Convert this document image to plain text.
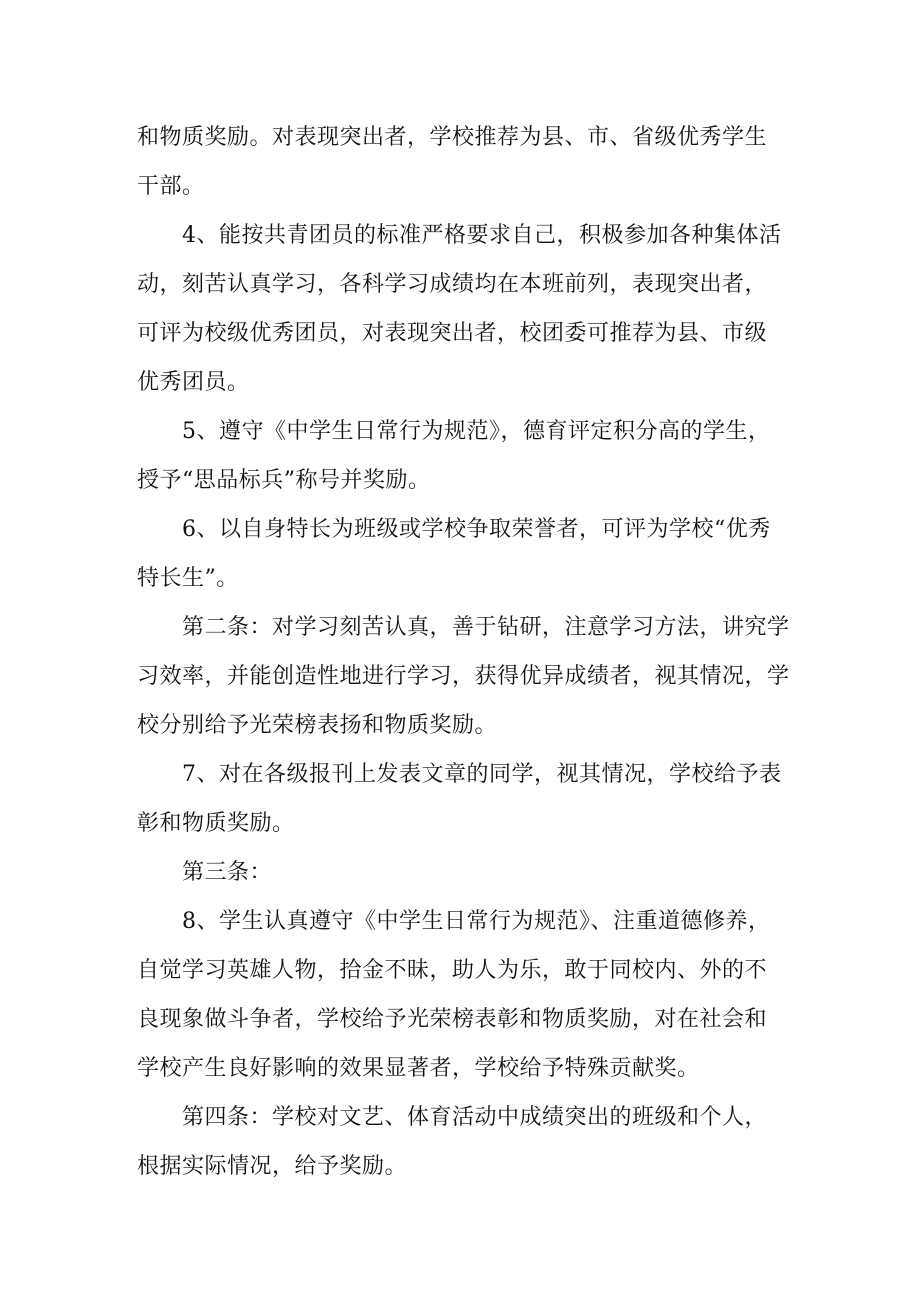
和物质奖励。对表现突出者，学校推荐为县、市、省级优秀学生
干部。
4、能按共青团员的标准严格要求自己，积极参加各种集体活
动，刻苦认真学习，各科学习成绩均在本班前列，表现突出者，
可评为校级优秀团员，对表现突出者，校团委可推荐为县、市级
优秀团员。
5、遵守《中学生日常行为规范》，德育评定积分高的学生，
授予“思品标兵”称号并奖励。
6、以自身特长为班级或学校争取荣誉者，可评为学校“优秀
特长生”。
第二条：对学习刻苦认真，善于钻研，注意学习方法，讲究学
习效率，并能创造性地进行学习，获得优异成绩者，视其情况，学
校分别给予光荣榜表扬和物质奖励。
7、对在各级报刊上发表文章的同学，视其情况，学校给予表
彰和物质奖励。
第三条：
8、学生认真遵守《中学生日常行为规范》、注重道德修养，
自觉学习英雄人物，拾金不昧，助人为乐，敢于同校内、外的不
良现象做斗争者，学校给予光荣榜表彰和物质奖励，对在社会和
学校产生良好影响的效果显著者，学校给予特殊贡献奖。
第四条：学校对文艺、体育活动中成绩突出的班级和个人，
根据实际情况，给予奖励。
